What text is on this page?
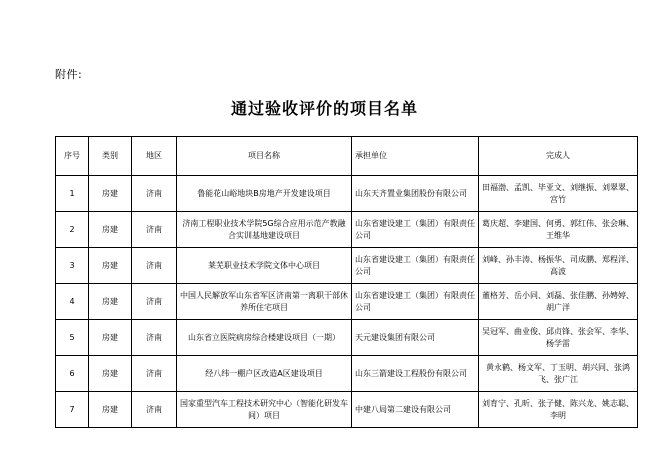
附件:
通过验收评价的项目名单
序号	类别	地区	项目名称	承担单位	完成人
1	房建	济南	鲁能花山峪地块B房地产开发建设项目	山东天齐置业集团股份有限公司	田福渤、孟凯、毕亚文、刘继振、刘翠翠、宫竹
2	房建	济南	济南工程职业技术学院5G综合应用示范产教融合实训基地建设项目	山东省建设建工（集团）有限责任公司	葛庆超、李建国、何勇、郭红伟、张会琳、王维华
3	房建	济南	莱芜职业技术学院文体中心项目	山东省建设建工（集团）有限责任公司	刘峰、孙丰涛、杨振华、司成鹏、郑程洋、高波
4	房建	济南	中国人民解放军山东省军区济南第一离职干部休养所住宅项目	山东省建设建工（集团）有限责任公司	董格芳、岳小同、刘磊、张佳鹏、孙娉婷、胡广洋
5	房建	济南	山东省立医院病房综合楼建设项目（一期）	天元建设集团有限公司	吴冠军、曲业俊、邱贞锋、张会军、李华、杨学雷
6	房建	济南	经八纬一棚户区改造A区建设项目	山东三箭建设工程股份有限公司	黄永鹤、杨文军、丁玉明、胡兴同、张鸿飞、张广江
7	房建	济南	国家重型汽车工程技术研究中心（智能化研发车间）项目	中建八局第二建设有限公司	刘育宁、孔昕、张子健、陈兴龙、姚志聪、李明
